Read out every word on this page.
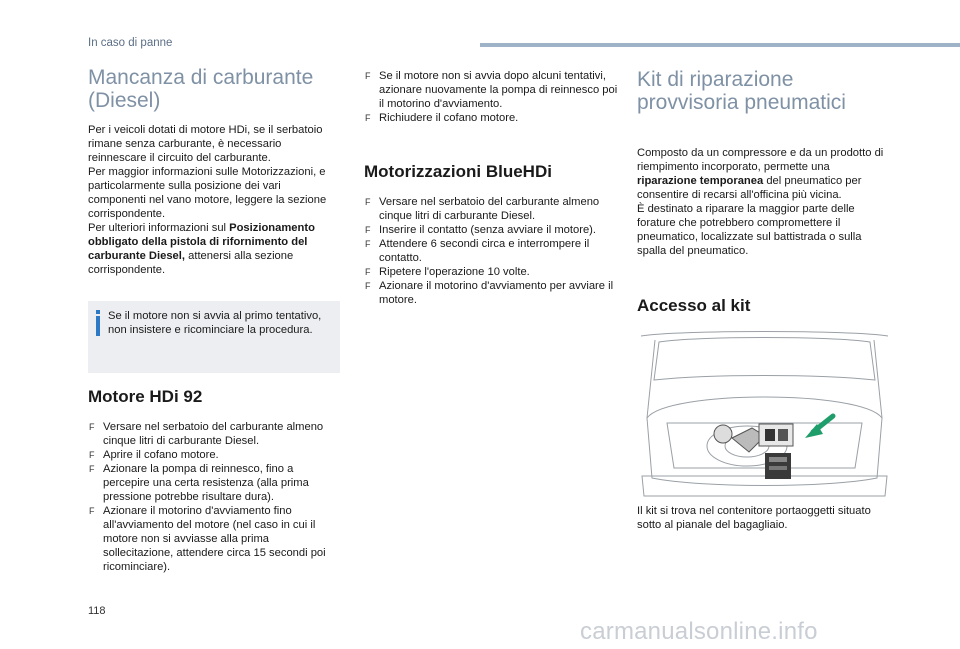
In caso di panne
Mancanza di carburante
(Diesel)

Per i veicoli dotati di motore HDi, se il serbatoio rimane senza carburante, è necessario reinnescare il circuito del carburante.

Per maggior informazioni sulle Motorizzazioni, e particolarmente sulla posizione dei vari componenti nel vano motore, leggere la sezione corrispondente.

Per ulteriori informazioni sul Posizionamento obbligato della pistola di rifornimento del carburante Diesel, attenersi alla sezione corrispondente.

Se il motore non si avvia al primo tentativo, non insistere e ricominciare la procedura.

Motore HDi 92
F Versare nel serbatoio del carburante almeno cinque litri di carburante Diesel.
F Aprire il cofano motore.
F Azionare la pompa di reinnesco, fino a percepire una certa resistenza (alla prima pressione potrebbe risultare dura).
F Azionare il motorino d'avviamento fino all'avviamento del motore (nel caso in cui il motore non si avviasse alla prima sollecitazione, attendere circa 15 secondi poi ricominciare).
F Se il motore non si avvia dopo alcuni tentativi, azionare nuovamente la pompa di reinnesco poi il motorino d'avviamento.
F Richiudere il cofano motore.
Motorizzazioni BlueHDi
F Versare nel serbatoio del carburante almeno cinque litri di carburante Diesel.
F Inserire il contatto (senza avviare il motore).
F Attendere 6 secondi circa e interrompere il contatto.
F Ripetere l'operazione 10 volte.
F Azionare il motorino d'avviamento per avviare il motore.
Kit di riparazione
provvisoria pneumatici

Composto da un compressore e da un prodotto di riempimento incorporato, permette una riparazione temporanea del pneumatico per consentire di recarsi all'officina più vicina.

È destinato a riparare la maggior parte delle forature che potrebbero compromettere il pneumatico, localizzate sul battistrada o sulla spalla del pneumatico.

Accesso al kit

Il kit si trova nel contenitore portaoggetti situato sotto al pianale del bagagliaio.

118
carmanualsonline.info
